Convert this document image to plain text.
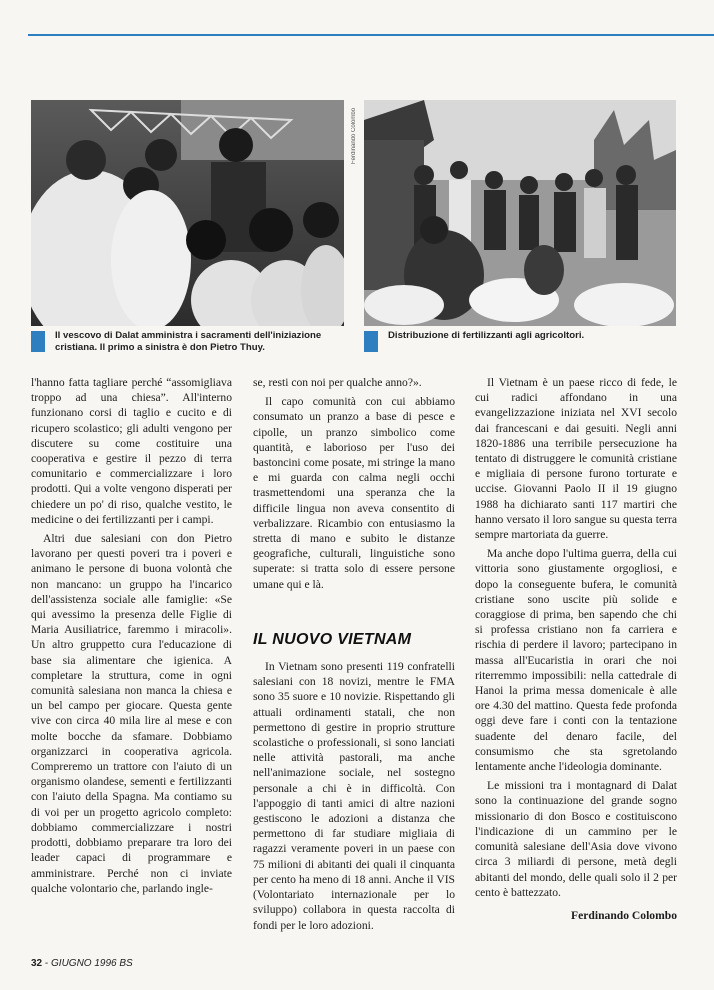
Ferdinando Colombo
Il vescovo di Dalat amministra i sacramenti dell'iniziazione cristiana. Il primo a sinistra è don Pietro Thuy.
Distribuzione di fertilizzanti agli agricoltori.

l'hanno fatta tagliare perché “assomigliava troppo ad una chiesa”. All'interno funzionano corsi di taglio e cucito e di ricupero scolastico; gli adulti vengono per discutere su come costituire una cooperativa e gestire il pezzo di terra comunitario e commercializzare i loro prodotti. Qui a volte vengono disperati per chiedere un po' di riso, qualche vestito, le medicine o dei fertilizzanti per i campi.

Altri due salesiani con don Pietro lavorano per questi poveri tra i poveri e animano le persone di buona volontà che non mancano: un gruppo ha l'incarico dell'assistenza sociale alle famiglie: «Se qui avessimo la presenza delle Figlie di Maria Ausiliatrice, faremmo i miracoli». Un altro gruppetto cura l'educazione di base sia alimentare che igienica. A completare la struttura, come in ogni comunità salesiana non manca la chiesa e un bel campo per giocare. Questa gente vive con circa 40 mila lire al mese e con molte bocche da sfamare. Dobbiamo organizzarci in cooperativa agricola. Compreremo un trattore con l'aiuto di un organismo olandese, sementi e fertilizzanti con l'aiuto della Spagna. Ma contiamo su di voi per un progetto agricolo completo: dobbiamo commercializzare i nostri prodotti, dobbiamo preparare tra loro dei leader capaci di programmare e amministrare. Perché non ci inviate qualche volontario che, parlando ingle-

se, resti con noi per qualche anno?».

Il capo comunità con cui abbiamo consumato un pranzo a base di pesce e cipolle, un pranzo simbolico come quantità, e laborioso per l'uso dei bastoncini come posate, mi stringe la mano e mi guarda con calma negli occhi trasmettendomi una speranza che la difficile lingua non aveva consentito di verbalizzare. Ricambio con entusiasmo la stretta di mano e subito le distanze geografiche, culturali, linguistiche sono superate: si tratta solo di essere persone umane qui e là.

IL NUOVO VIETNAM

In Vietnam sono presenti 119 confratelli salesiani con 18 novizi, mentre le FMA sono 35 suore e 10 novizie. Rispettando gli attuali ordinamenti statali, che non permettono di gestire in proprio strutture scolastiche o professionali, si sono lanciati nelle attività pastorali, ma anche nell'animazione sociale, nel sostegno personale a chi è in difficoltà. Con l'appoggio di tanti amici di altre nazioni gestiscono le adozioni a distanza che permettono di far studiare migliaia di ragazzi veramente poveri in un paese con 75 milioni di abitanti dei quali il cinquanta per cento ha meno di 18 anni. Anche il VIS (Volontariato internazionale per lo sviluppo) collabora in questa raccolta di fondi per le loro adozioni.

Il Vietnam è un paese ricco di fede, le cui radici affondano in una evangelizzazione iniziata nel XVI secolo dai francescani e dai gesuiti. Negli anni 1820-1886 una terribile persecuzione ha tentato di distruggere le comunità cristiane e migliaia di persone furono torturate e uccise. Giovanni Paolo II il 19 giugno 1988 ha dichiarato santi 117 martiri che hanno versato il loro sangue su questa terra sempre martoriata da guerre.

Ma anche dopo l'ultima guerra, della cui vittoria sono giustamente orgogliosi, e dopo la conseguente bufera, le comunità cristiane sono uscite più solide e coraggiose di prima, ben sapendo che chi si professa cristiano non fa carriera e rischia di perdere il lavoro; partecipano in massa all'Eucaristia in orari che noi riterremmo impossibili: nella cattedrale di Hanoi la prima messa domenicale è alle ore 4.30 del mattino. Questa fede profonda oggi deve fare i conti con la tentazione suadente del denaro facile, del consumismo che sta sgretolando lentamente anche l'ideologia dominante.

Le missioni tra i montagnard di Dalat sono la continuazione del grande sogno missionario di don Bosco e costituiscono l'indicazione di un cammino per le comunità salesiane dell'Asia dove vivono circa 3 miliardi di persone, metà degli abitanti del mondo, delle quali solo il 2 per cento è battezzato.

Ferdinando Colombo
32 - GIUGNO 1996 BS
